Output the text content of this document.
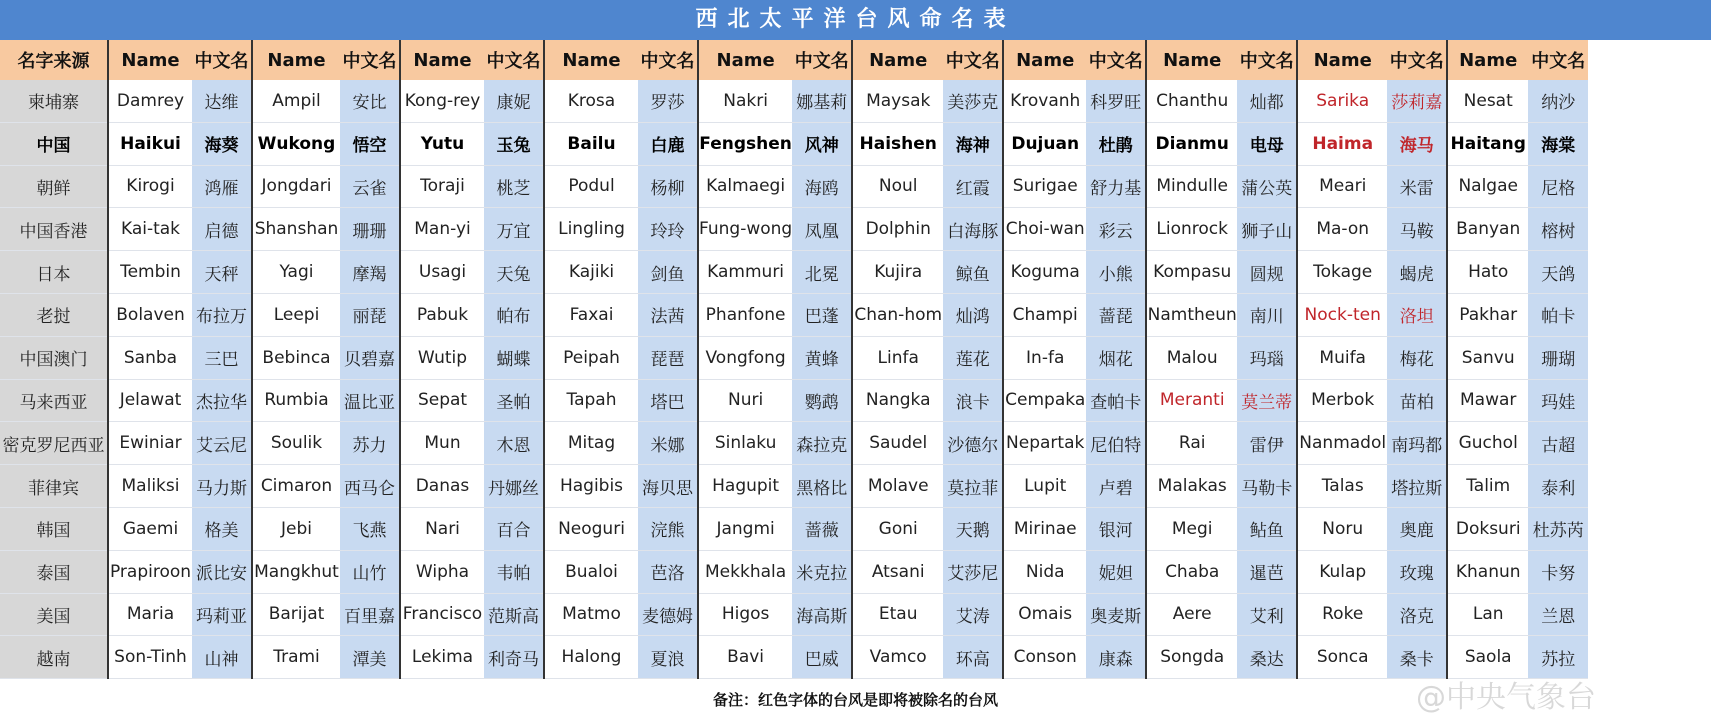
西北太平洋台风命名表
名字来源	Name	中文名	Name	中文名	Name	中文名	Name	中文名	Name	中文名	Name	中文名	Name	中文名	Name	中文名	Name	中文名	Name	中文名
柬埔寨	Damrey	达维	Ampil	安比	Kong-rey	康妮	Krosa	罗莎	Nakri	娜基莉	Maysak	美莎克	Krovanh	科罗旺	Chanthu	灿都	Sarika	莎莉嘉	Nesat	纳沙
中国	Haikui	海葵	Wukong	悟空	Yutu	玉兔	Bailu	白鹿	Fengshen	风神	Haishen	海神	Dujuan	杜鹃	Dianmu	电母	Haima	海马	Haitang	海棠
朝鲜	Kirogi	鸿雁	Jongdari	云雀	Toraji	桃芝	Podul	杨柳	Kalmaegi	海鸥	Noul	红霞	Surigae	舒力基	Mindulle	蒲公英	Meari	米雷	Nalgae	尼格
中国香港	Kai-tak	启德	Shanshan	珊珊	Man-yi	万宜	Lingling	玲玲	Fung-wong	凤凰	Dolphin	白海豚	Choi-wan	彩云	Lionrock	狮子山	Ma-on	马鞍	Banyan	榕树
日本	Tembin	天秤	Yagi	摩羯	Usagi	天兔	Kajiki	剑鱼	Kammuri	北冕	Kujira	鲸鱼	Koguma	小熊	Kompasu	圆规	Tokage	蝎虎	Hato	天鸽
老挝	Bolaven	布拉万	Leepi	丽琵	Pabuk	帕布	Faxai	法茜	Phanfone	巴蓬	Chan-hom	灿鸿	Champi	蔷琵	Namtheun	南川	Nock-ten	洛坦	Pakhar	帕卡
中国澳门	Sanba	三巴	Bebinca	贝碧嘉	Wutip	蝴蝶	Peipah	琵琶	Vongfong	黄蜂	Linfa	莲花	In-fa	烟花	Malou	玛瑙	Muifa	梅花	Sanvu	珊瑚
马来西亚	Jelawat	杰拉华	Rumbia	温比亚	Sepat	圣帕	Tapah	塔巴	Nuri	鹦鹉	Nangka	浪卡	Cempaka	查帕卡	Meranti	莫兰蒂	Merbok	苗柏	Mawar	玛娃
密克罗尼西亚	Ewiniar	艾云尼	Soulik	苏力	Mun	木恩	Mitag	米娜	Sinlaku	森拉克	Saudel	沙德尔	Nepartak	尼伯特	Rai	雷伊	Nanmadol	南玛都	Guchol	古超
菲律宾	Maliksi	马力斯	Cimaron	西马仑	Danas	丹娜丝	Hagibis	海贝思	Hagupit	黑格比	Molave	莫拉菲	Lupit	卢碧	Malakas	马勒卡	Talas	塔拉斯	Talim	泰利
韩国	Gaemi	格美	Jebi	飞燕	Nari	百合	Neoguri	浣熊	Jangmi	蔷薇	Goni	天鹅	Mirinae	银河	Megi	鲇鱼	Noru	奥鹿	Doksuri	杜苏芮
泰国	Prapiroon	派比安	Mangkhut	山竹	Wipha	韦帕	Bualoi	芭洛	Mekkhala	米克拉	Atsani	艾莎尼	Nida	妮妲	Chaba	暹芭	Kulap	玫瑰	Khanun	卡努
美国	Maria	玛莉亚	Barijat	百里嘉	Francisco	范斯高	Matmo	麦德姆	Higos	海高斯	Etau	艾涛	Omais	奥麦斯	Aere	艾利	Roke	洛克	Lan	兰恩
越南	Son-Tinh	山神	Trami	潭美	Lekima	利奇马	Halong	夏浪	Bavi	巴威	Vamco	环高	Conson	康森	Songda	桑达	Sonca	桑卡	Saola	苏拉
备注：红色字体的台风是即将被除名的台风	@中央气象台
